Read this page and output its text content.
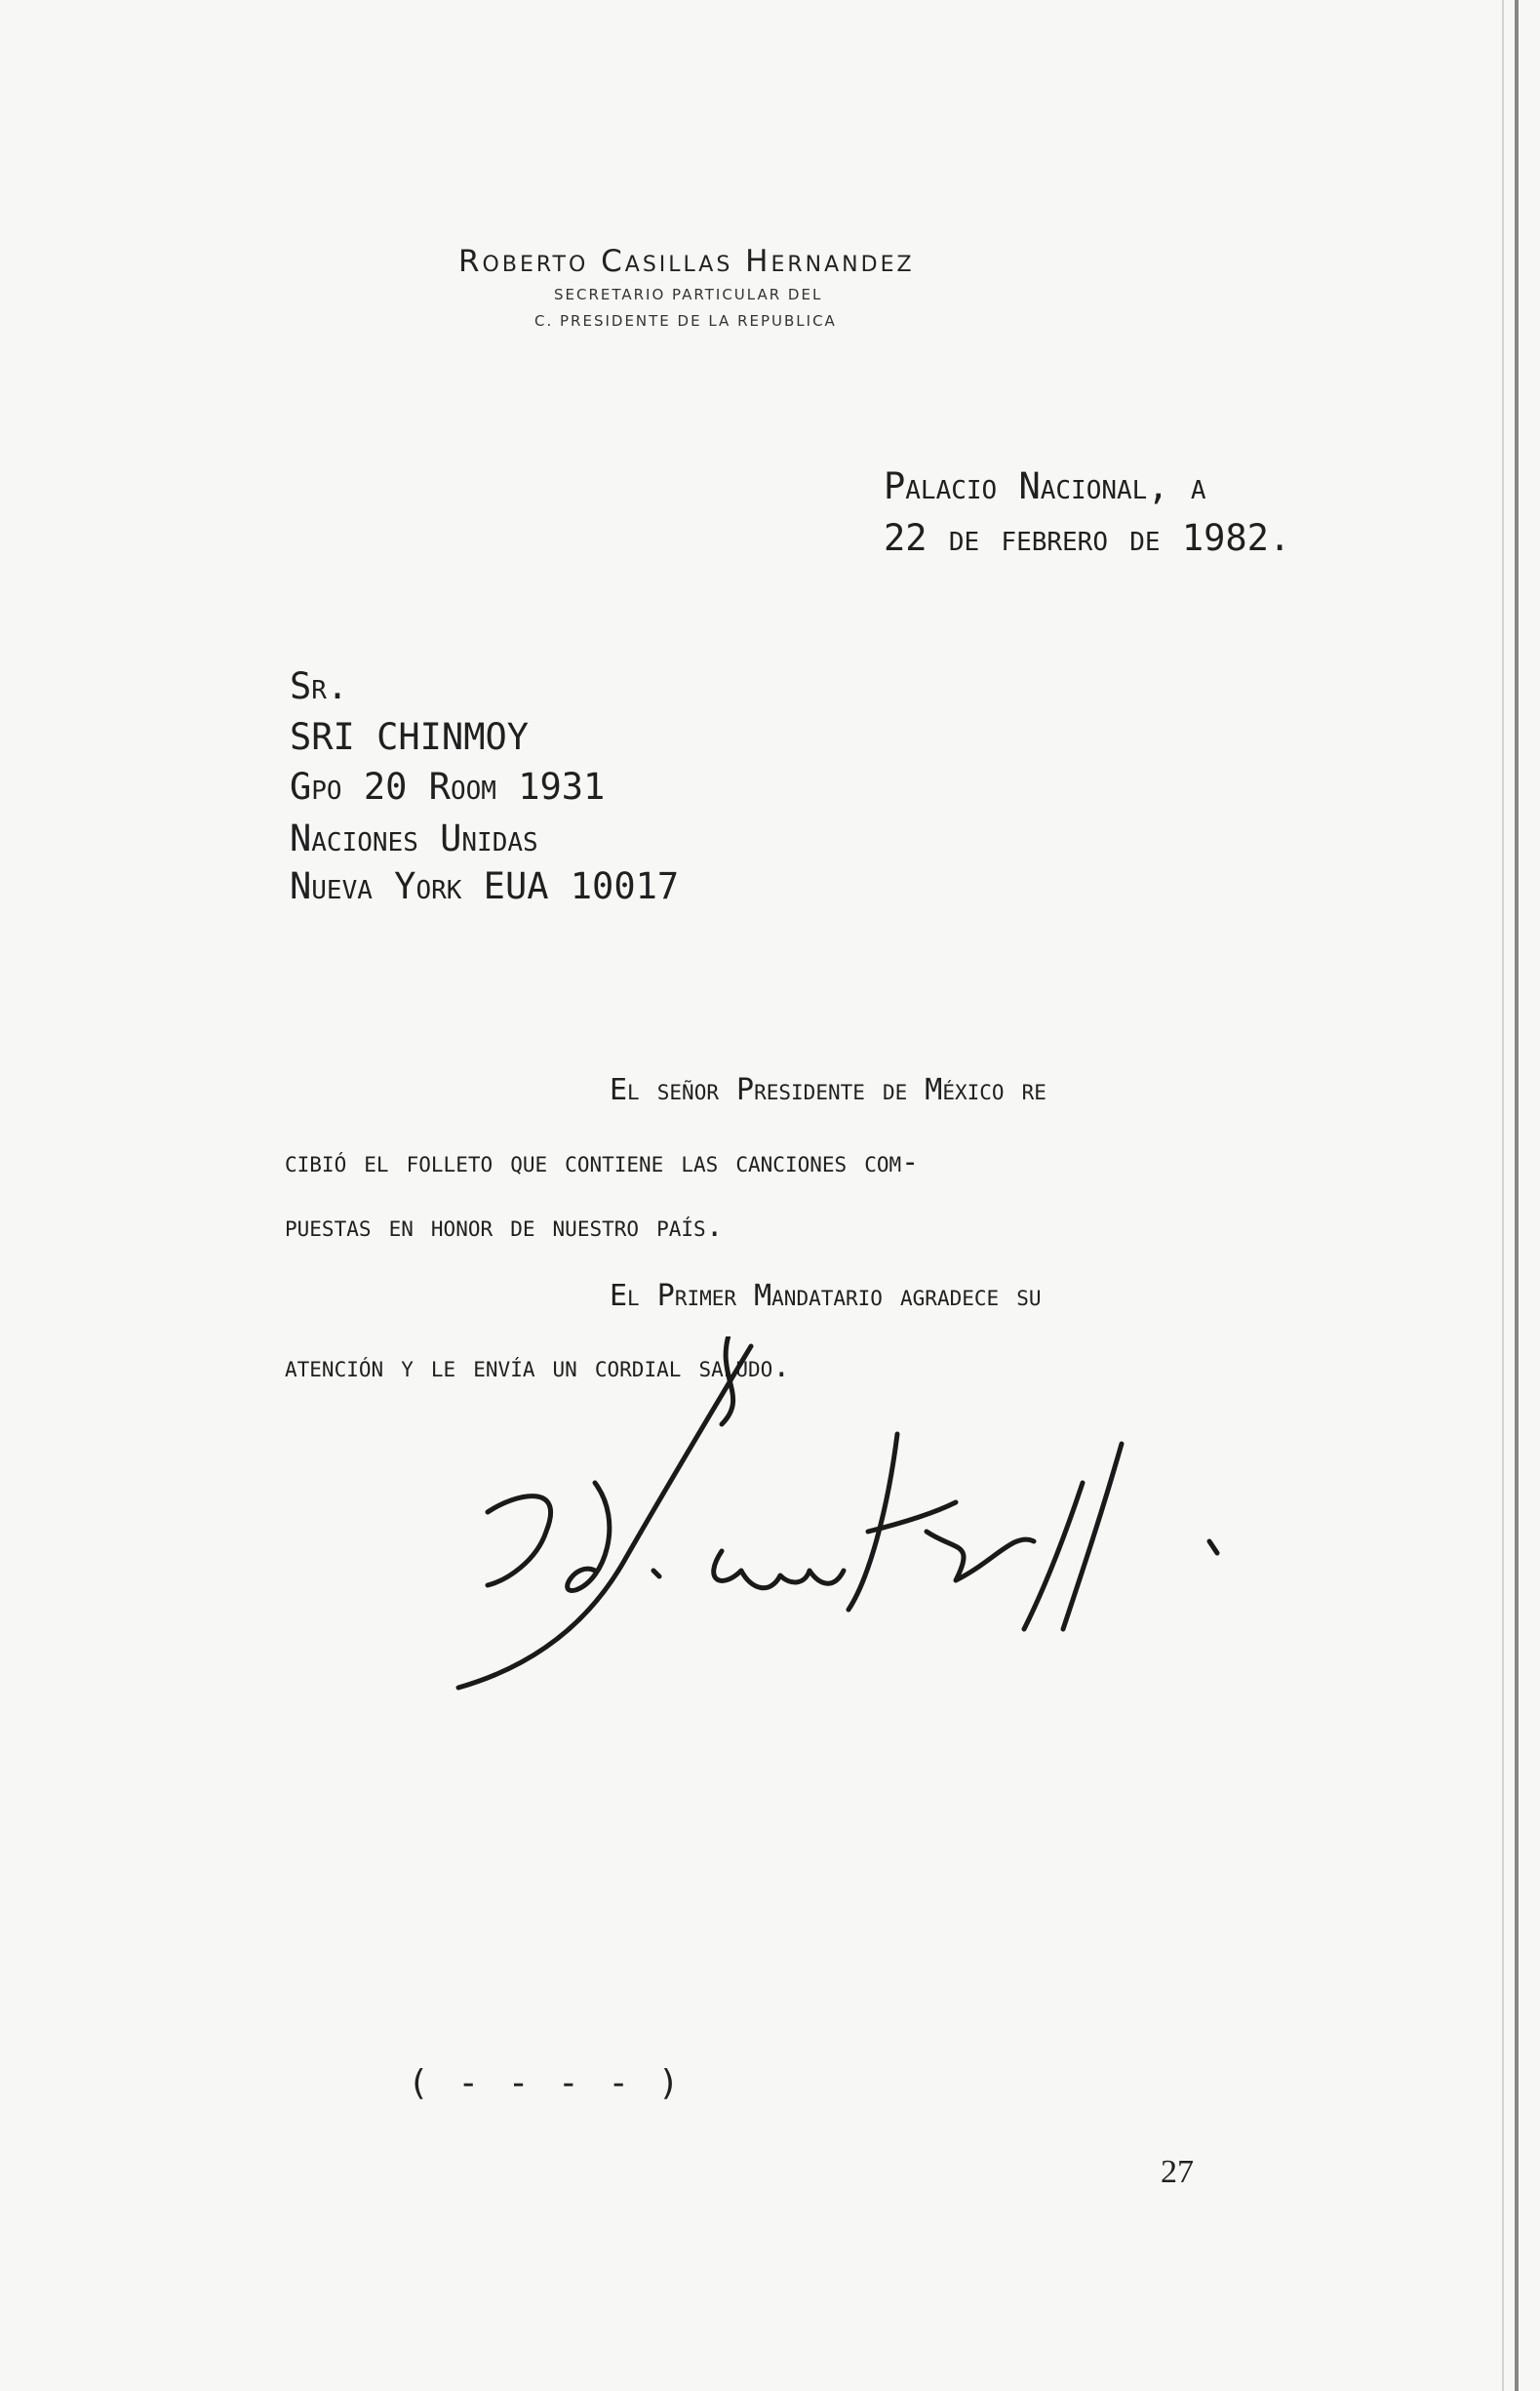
Roberto Casillas Hernandez
SECRETARIO PARTICULAR DEL
C. PRESIDENTE DE LA REPUBLICA
Palacio Nacional, a
22 de febrero de 1982.
Sr.
SRI CHINMOY
Gpo 20 Room 1931
Naciones Unidas
Nueva York EUA 10017
El señor Presidente de México re
cibió el folleto que contiene las canciones com-
puestas en honor de nuestro país.
El Primer Mandatario agradece su
atención y le envía un cordial saludo.
( - - - - )
27
